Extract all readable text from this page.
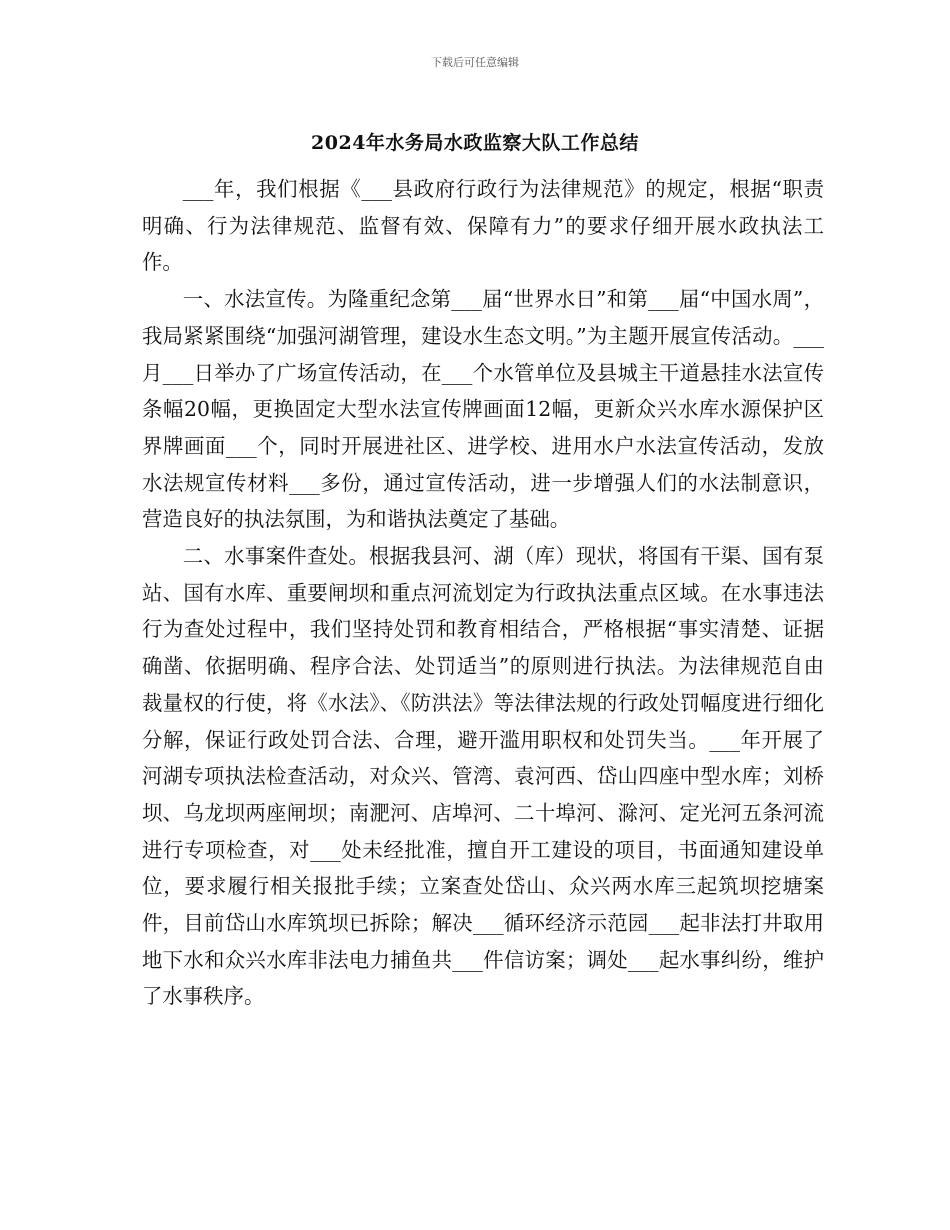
下载后可任意编辑
2024年水务局水政监察大队工作总结

___年，我们根据《___县政府行政行为法律规范》的规定，根据“职责明确、行为法律规范、监督有效、保障有力”的要求仔细开展水政执法工作。

一、水法宣传。为隆重纪念第___届“世界水日”和第___届“中国水周”，我局紧紧围绕“加强河湖管理，建设水生态文明。”为主题开展宣传活动。___月___日举办了广场宣传活动，在___个水管单位及县城主干道悬挂水法宣传条幅20幅，更换固定大型水法宣传牌画面12幅，更新众兴水库水源保护区界牌画面___个，同时开展进社区、进学校、进用水户水法宣传活动，发放水法规宣传材料___多份，通过宣传活动，进一步增强人们的水法制意识，营造良好的执法氛围，为和谐执法奠定了基础。

二、水事案件查处。根据我县河、湖（库）现状，将国有干渠、国有泵站、国有水库、重要闸坝和重点河流划定为行政执法重点区域。在水事违法行为查处过程中，我们坚持处罚和教育相结合，严格根据“事实清楚、证据确凿、依据明确、程序合法、处罚适当”的原则进行执法。为法律规范自由裁量权的行使，将《水法》、《防洪法》等法律法规的行政处罚幅度进行细化分解，保证行政处罚合法、合理，避开滥用职权和处罚失当。___年开展了河湖专项执法检查活动，对众兴、管湾、袁河西、岱山四座中型水库；刘桥坝、乌龙坝两座闸坝；南淝河、店埠河、二十埠河、滁河、定光河五条河流进行专项检查，对___处未经批准，擅自开工建设的项目，书面通知建设单位，要求履行相关报批手续；立案查处岱山、众兴两水库三起筑坝挖塘案件，目前岱山水库筑坝已拆除；解决___循环经济示范园___起非法打井取用地下水和众兴水库非法电力捕鱼共___件信访案；调处___起水事纠纷，维护了水事秩序。
